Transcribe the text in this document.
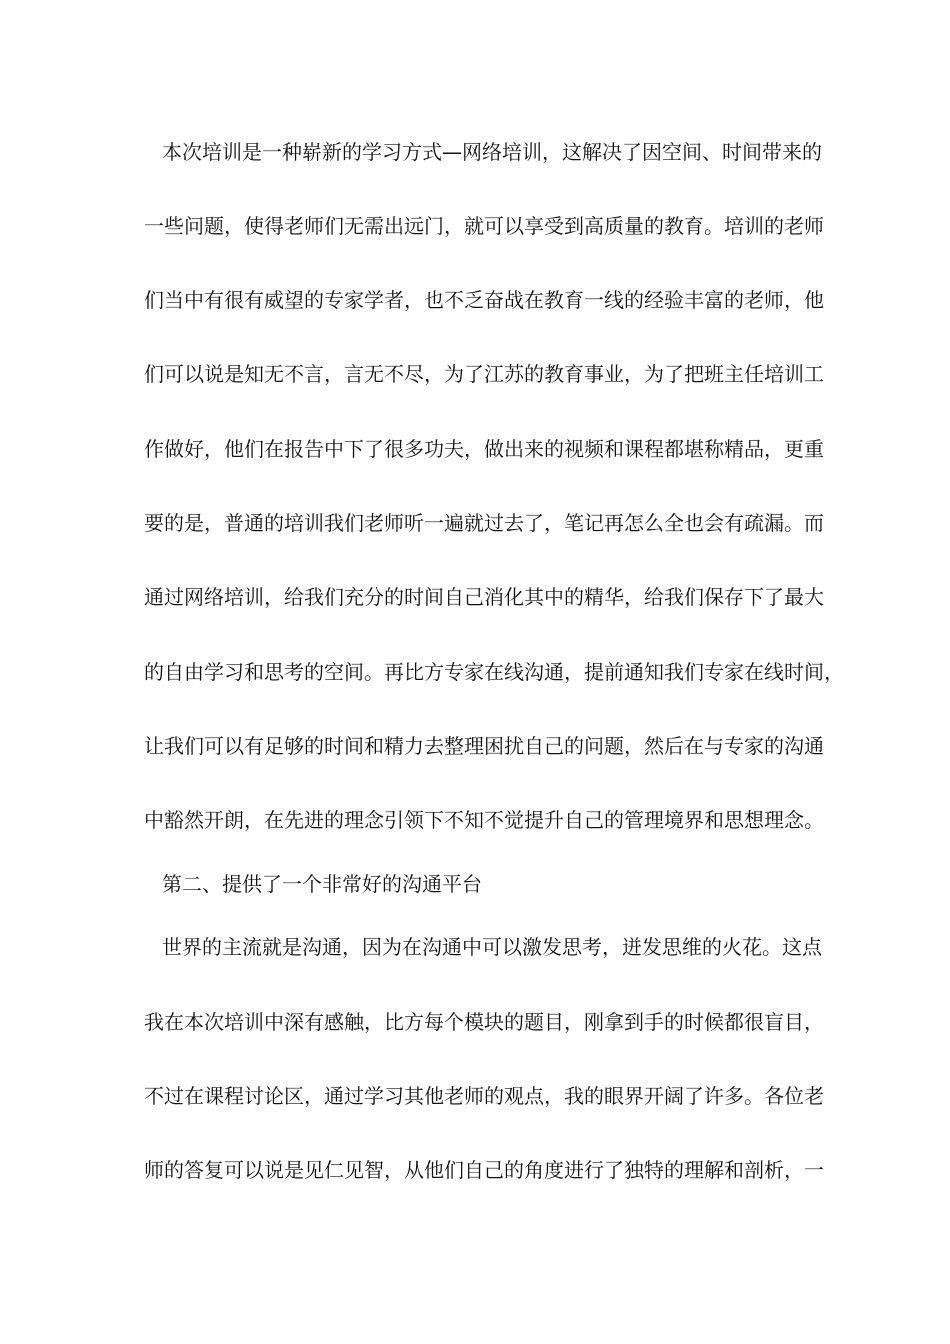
本次培训是一种崭新的学习方式—网络培训，这解决了因空间、时间带来的

一些问题，使得老师们无需出远门，就可以享受到高质量的教育。培训的老师

们当中有很有威望的专家学者，也不乏奋战在教育一线的经验丰富的老师，他

们可以说是知无不言，言无不尽，为了江苏的教育事业，为了把班主任培训工

作做好，他们在报告中下了很多功夫，做出来的视频和课程都堪称精品，更重

要的是，普通的培训我们老师听一遍就过去了，笔记再怎么全也会有疏漏。而

通过网络培训，给我们充分的时间自己消化其中的精华，给我们保存下了最大

的自由学习和思考的空间。再比方专家在线沟通，提前通知我们专家在线时间，

让我们可以有足够的时间和精力去整理困扰自己的问题，然后在与专家的沟通

中豁然开朗，在先进的理念引领下不知不觉提升自己的管理境界和思想理念。

第二、提供了一个非常好的沟通平台

世界的主流就是沟通，因为在沟通中可以激发思考，迸发思维的火花。这点

我在本次培训中深有感触，比方每个模块的题目，刚拿到手的时候都很盲目，

不过在课程讨论区，通过学习其他老师的观点，我的眼界开阔了许多。各位老

师的答复可以说是见仁见智，从他们自己的角度进行了独特的理解和剖析，一
